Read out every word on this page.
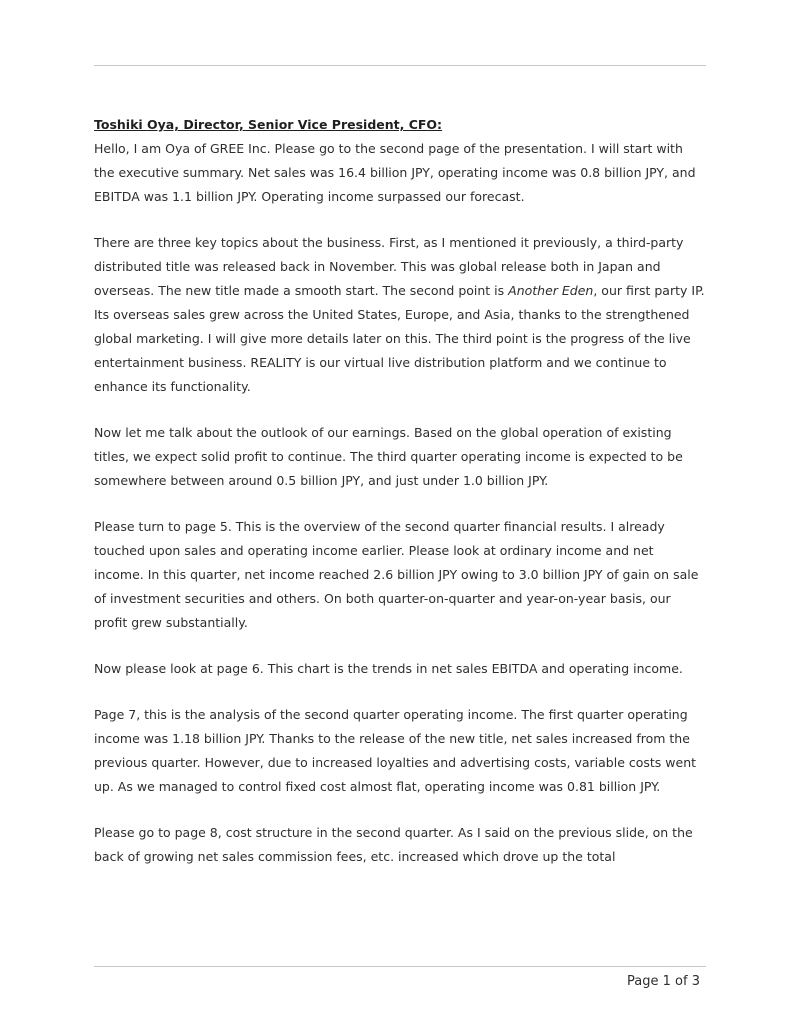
Toshiki Oya, Director, Senior Vice President, CFO:

Hello, I am Oya of GREE Inc. Please go to the second page of the presentation. I will start with the executive summary. Net sales was 16.4 billion JPY, operating income was 0.8 billion JPY, and EBITDA was 1.1 billion JPY. Operating income surpassed our forecast.

There are three key topics about the business. First, as I mentioned it previously, a third-party distributed title was released back in November. This was global release both in Japan and overseas. The new title made a smooth start. The second point is Another Eden, our first party IP. Its overseas sales grew across the United States, Europe, and Asia, thanks to the strengthened global marketing. I will give more details later on this. The third point is the progress of the live entertainment business. REALITY is our virtual live distribution platform and we continue to enhance its functionality.

Now let me talk about the outlook of our earnings. Based on the global operation of existing titles, we expect solid profit to continue. The third quarter operating income is expected to be somewhere between around 0.5 billion JPY, and just under 1.0 billion JPY.

Please turn to page 5. This is the overview of the second quarter financial results. I already touched upon sales and operating income earlier. Please look at ordinary income and net income. In this quarter, net income reached 2.6 billion JPY owing to 3.0 billion JPY of gain on sale of investment securities and others. On both quarter-on-quarter and year-on-year basis, our profit grew substantially.

Now please look at page 6. This chart is the trends in net sales EBITDA and operating income.

Page 7, this is the analysis of the second quarter operating income. The first quarter operating income was 1.18 billion JPY. Thanks to the release of the new title, net sales increased from the previous quarter. However, due to increased loyalties and advertising costs, variable costs went up. As we managed to control fixed cost almost flat, operating income was 0.81 billion JPY.

Please go to page 8, cost structure in the second quarter. As I said on the previous slide, on the back of growing net sales commission fees, etc. increased which drove up the total

Page 1 of 3
